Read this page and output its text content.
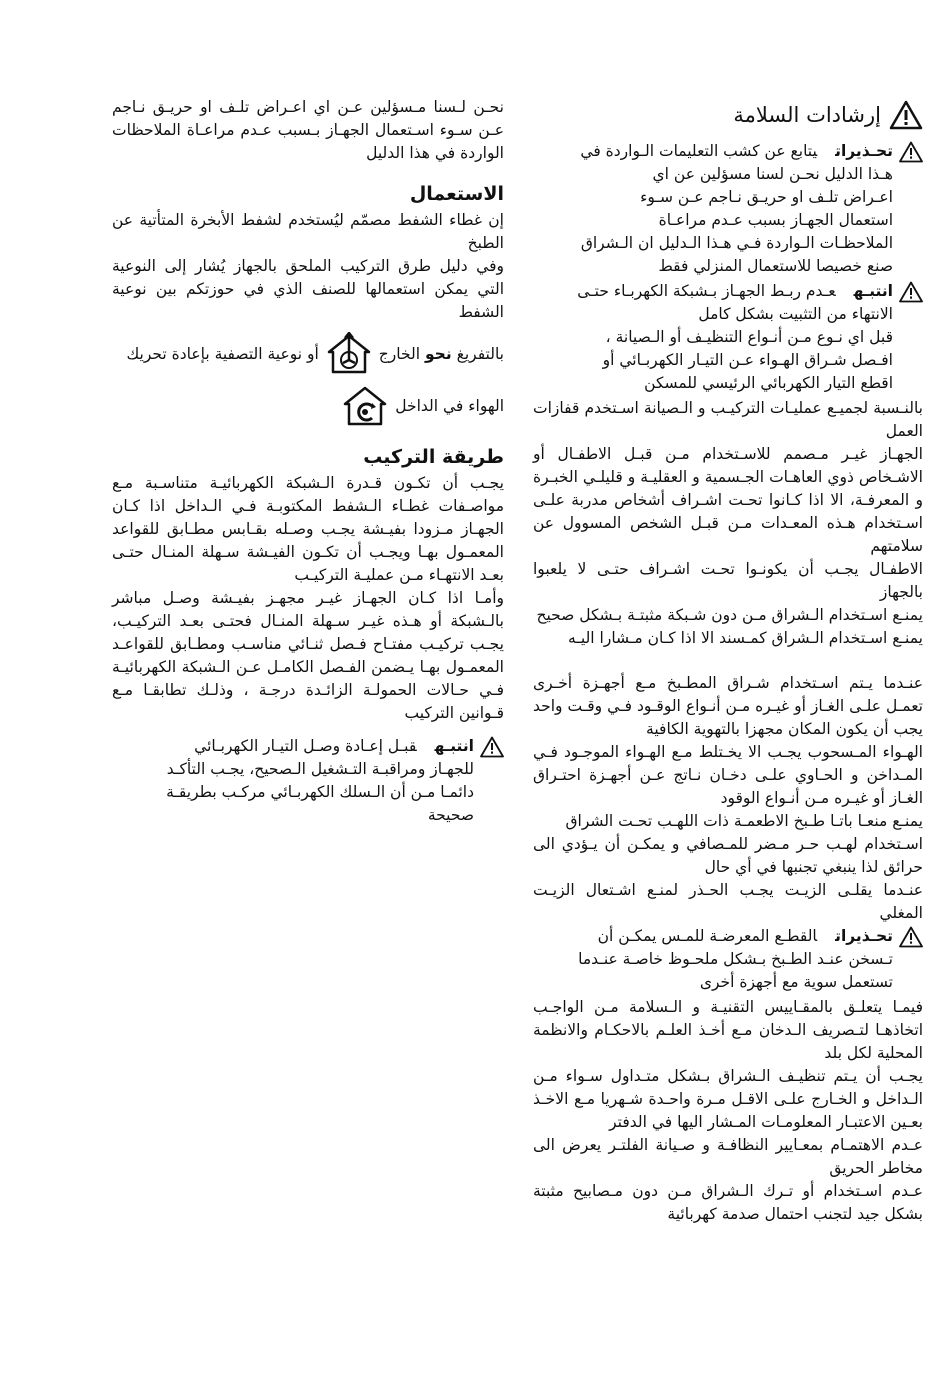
إرشادات السلامة

تحـذيراتيتابع عن كشب التعليمات الـواردة في

هـذا الدليل نحـن لسنا مسؤلين عن اي

اعـراض تلـف او حريـق نـاجم عـن سـوء

استعمال الجهـاز بسبب عـدم مراعـاة

الملاحظـات الـواردة فـي هـذا الـدليل ان الـشراق

صنع خصيصا للاستعمال المنزلي فقط

انتبـهعـدم ربـط الجهـاز بـشبكة الكهربـاء حتـى

الانتهاء من التثبيت بشكل كامل

قبل اي نـوع مـن أنـواع التنظيـف أو الـصيانة ،

افـصل شـراق الهـواء عـن التيـار الكهربـائي أو

اقطع التيار الكهربائي الرئيسي للمسكن

بالنـسبة لجميـع عمليـات التركيـب و الـصيانة اسـتخدم قفازات العمل

الجهـاز غيـر مـصمم للاسـتخدام مـن قبـل الاطفـال أو الاشـخاص ذوي العاهـات الجـسمية و العقليـة و قليلـي الخبـرة و المعرفـة، الا اذا كـانوا تحـت اشـراف أشخاص مدربة علـى اسـتخدام هـذه المعـدات مـن قبـل الشخص المسوول عن سلامتهم

الاطفـال يجـب أن يكونـوا تحـت اشـراف حتـى لا يلعبوا بالجهاز

يمنـع اسـتخدام الـشراق مـن دون شـبكة مثبتـة بـشكل صحيح

يمنـع اسـتخدام الـشراق كمـسند الا اذا كـان مـشارا اليـه

عنـدما يـتم اسـتخدام شـراق المطـبخ مـع أجهـزة أخـرى تعمـل علـى الغـاز أو غيـره مـن أنـواع الوقـود فـي وقـت واحد يجب أن يكون المكان مجهزا بالتهوية الكافية

الهـواء المـسحوب يجـب الا يخـتلط مـع الهـواء الموجـود فـي المـداخن و الحـاوي علـى دخـان نـاتج عـن أجهـزة احتـراق الغـاز أو غيـره مـن أنـواع الوقود

يمنـع منعـا باتـا طـبخ الاطعمـة ذات اللهـب تحـت الشراق

اسـتخدام لهـب حـر مـضر للمـصافي و يمكـن أن يـؤدي الى حرائق لذا ينبغي تجنبها في أي حال

عنـدما يقلـى الزيـت يجـب الحـذر لمنـع اشـتعال الزيـت المغلي

تحـذيراتالقطـع المعرضـة للمـس يمكـن أن

تـسخن عنـد الطـبخ بـشكل ملحـوظ خاصـة عنـدما

تستعمل سوية مع أجهزة أخرى

فيمـا يتعلـق بالمقـاييس التقنيـة و الـسلامة مـن الواجـب اتخاذهـا لتـصريف الـدخان مـع أخـذ العلـم بالاحكـام والانظمة المحلية لكل بلد

يجـب أن يـتم تنظيـف الـشراق بـشكل متـداول سـواء مـن الـداخل و الخـارج علـى الاقـل مـرة واحـدة شـهريا مـع الاخـذ بعـين الاعتبـار المعلومـات المـشار اليها في الدفتر

عـدم الاهتمـام بمعـايير النظافـة و صـيانة الفلتـر يعرض الى مخاطر الحريق

عـدم اسـتخدام أو تـرك الـشراق مـن دون مـصابيح مثبتة بشكل جيد لتجنب احتمال صدمة كهربائية

نحـن لـسنا مـسؤلين عـن اي اعـراض تلـف او حريـق نـاجم عـن سـوء اسـتعمال الجهـاز بـسبب عـدم مراعـاة الملاحظات الواردة في هذا الدليل

الاستعمال

إن غطاء الشفط مصمّم ليُستخدم لشفط الأبخرة المتأتية عن الطبخ

وفي دليل طرق التركيب الملحق بالجهاز يُشار إلى النوعية التي يمكن استعمالها للصنف الذي في حوزتكم بين نوعية الشفط

بالتفريغ نحو الخارج

أو نوعية التصفية بإعادة تحريك

الهواء في الداخل

طريقة التركيب

يجـب أن تكـون قـدرة الـشبكة الكهربائيـة متناسـبة مـع مواصـفات غطـاء الـشفط المكتوبـة فـي الـداخل اذا كـان الجهـاز مـزودا بفيـشة يجـب وصـله بقـابس مطـابق للقواعد المعمـول بهـا ويجـب أن تكـون الفيـشة سـهلة المنـال حتـى بعـد الانتهـاء مـن عمليـة التركيـب

وأمـا اذا كـان الجهـاز غيـر مجهـز بفيـشة وصـل مباشر بالـشبكة أو هـذه غيـر سـهلة المنـال فحتـى بعـد التركيـب، يجـب تركيـب مفتـاح فـصل ثنـائي مناسـب ومطـابق للقواعـد المعمـول بهـا يـضمن الفـصل الكامـل عـن الـشبكة الكهربائيـة فـي حـالات الحمولـة الزائـدة درجـة ، وذلـك تطابقـا مـع قـوانين التركيب

انتبـهقبـل إعـادة وصـل التيـار الكهربـائي

للجهـاز ومراقبـة التـشغيل الـصحيح، يجـب التأكـد

دائمـا مـن أن الـسلك الكهربـائي مركـب بطريقـة

صحيحة
